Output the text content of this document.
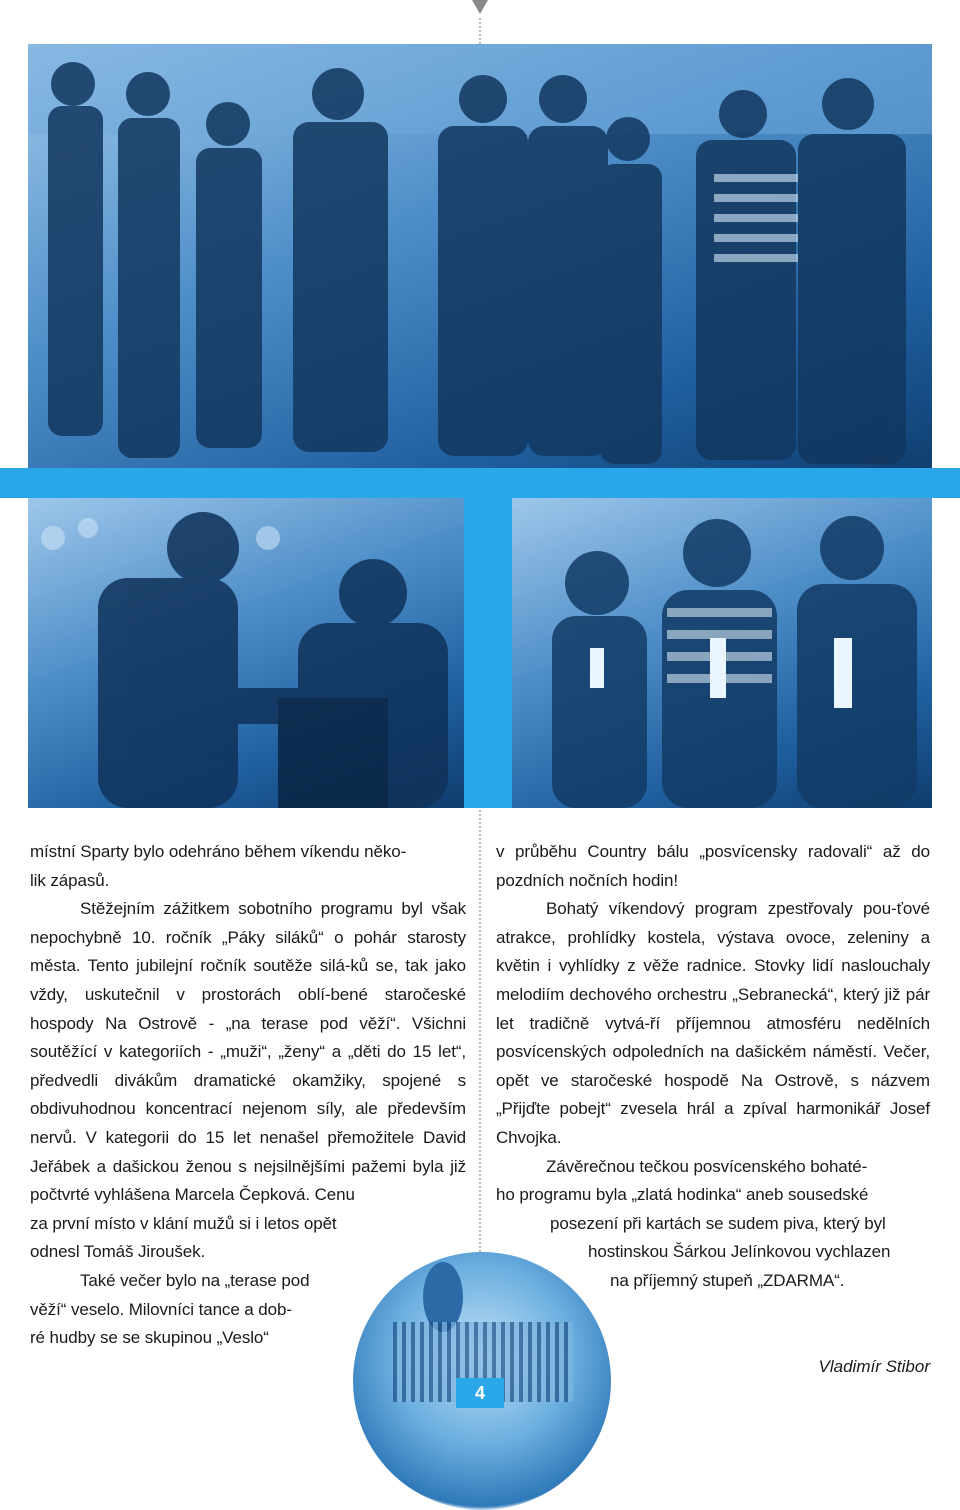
místní Sparty bylo odehráno během víkendu něko-
lik zápasů.

Stěžejním zážitkem sobotního programu byl však nepochybně 10. ročník „Páky siláků“ o pohár starosty města. Tento jubilejní ročník soutěže silá-ků se, tak jako vždy, uskutečnil v prostorách oblí-bené staročeské hospody Na Ostrově - „na terase pod věží“. Všichni soutěžící v kategoriích - „muži“, „ženy“ a „děti do 15 let“, předvedli divákům dramatické okamžiky, spojené s obdivuhodnou koncentrací nejenom síly, ale především nervů. V kategorii do 15 let nenašel přemožitele David Jeřábek a dašickou ženou s nejsilnějšími pažemi byla již počtvrté vyhlášena Marcela Čepková. Cenu

za první místo v klání mužů si i letos opět
odnesl Tomáš Jiroušek.
Také večer bylo na „terase pod
věží“ veselo. Milovníci tance a dob-
ré hudby se se skupinou „Veslo“

v průběhu Country bálu „posvícensky radovali“ až do pozdních nočních hodin!

Bohatý víkendový program zpestřovaly pou-ťové atrakce, prohlídky kostela, výstava ovoce, zeleniny a květin i vyhlídky z věže radnice. Stovky lidí naslouchaly melodiím dechového orchestru „Sebranecká“, který již pár let tradičně vytvá-ří příjemnou atmosféru nedělních posvícenských odpoledních na dašickém náměstí. Večer, opět ve staročeské hospodě Na Ostrově, s názvem „Přijďte pobejt“ zvesela hrál a zpíval harmonikář Josef Chvojka.

Závěrečnou tečkou posvícenského bohaté-
ho programu byla „zlatá hodinka“ aneb sousedské
posezení při kartách se sudem piva, který byl
hostinskou Šárkou Jelínkovou vychlazen
na příjemný stupeň „ZDARMA“.
4
Vladimír Stibor
